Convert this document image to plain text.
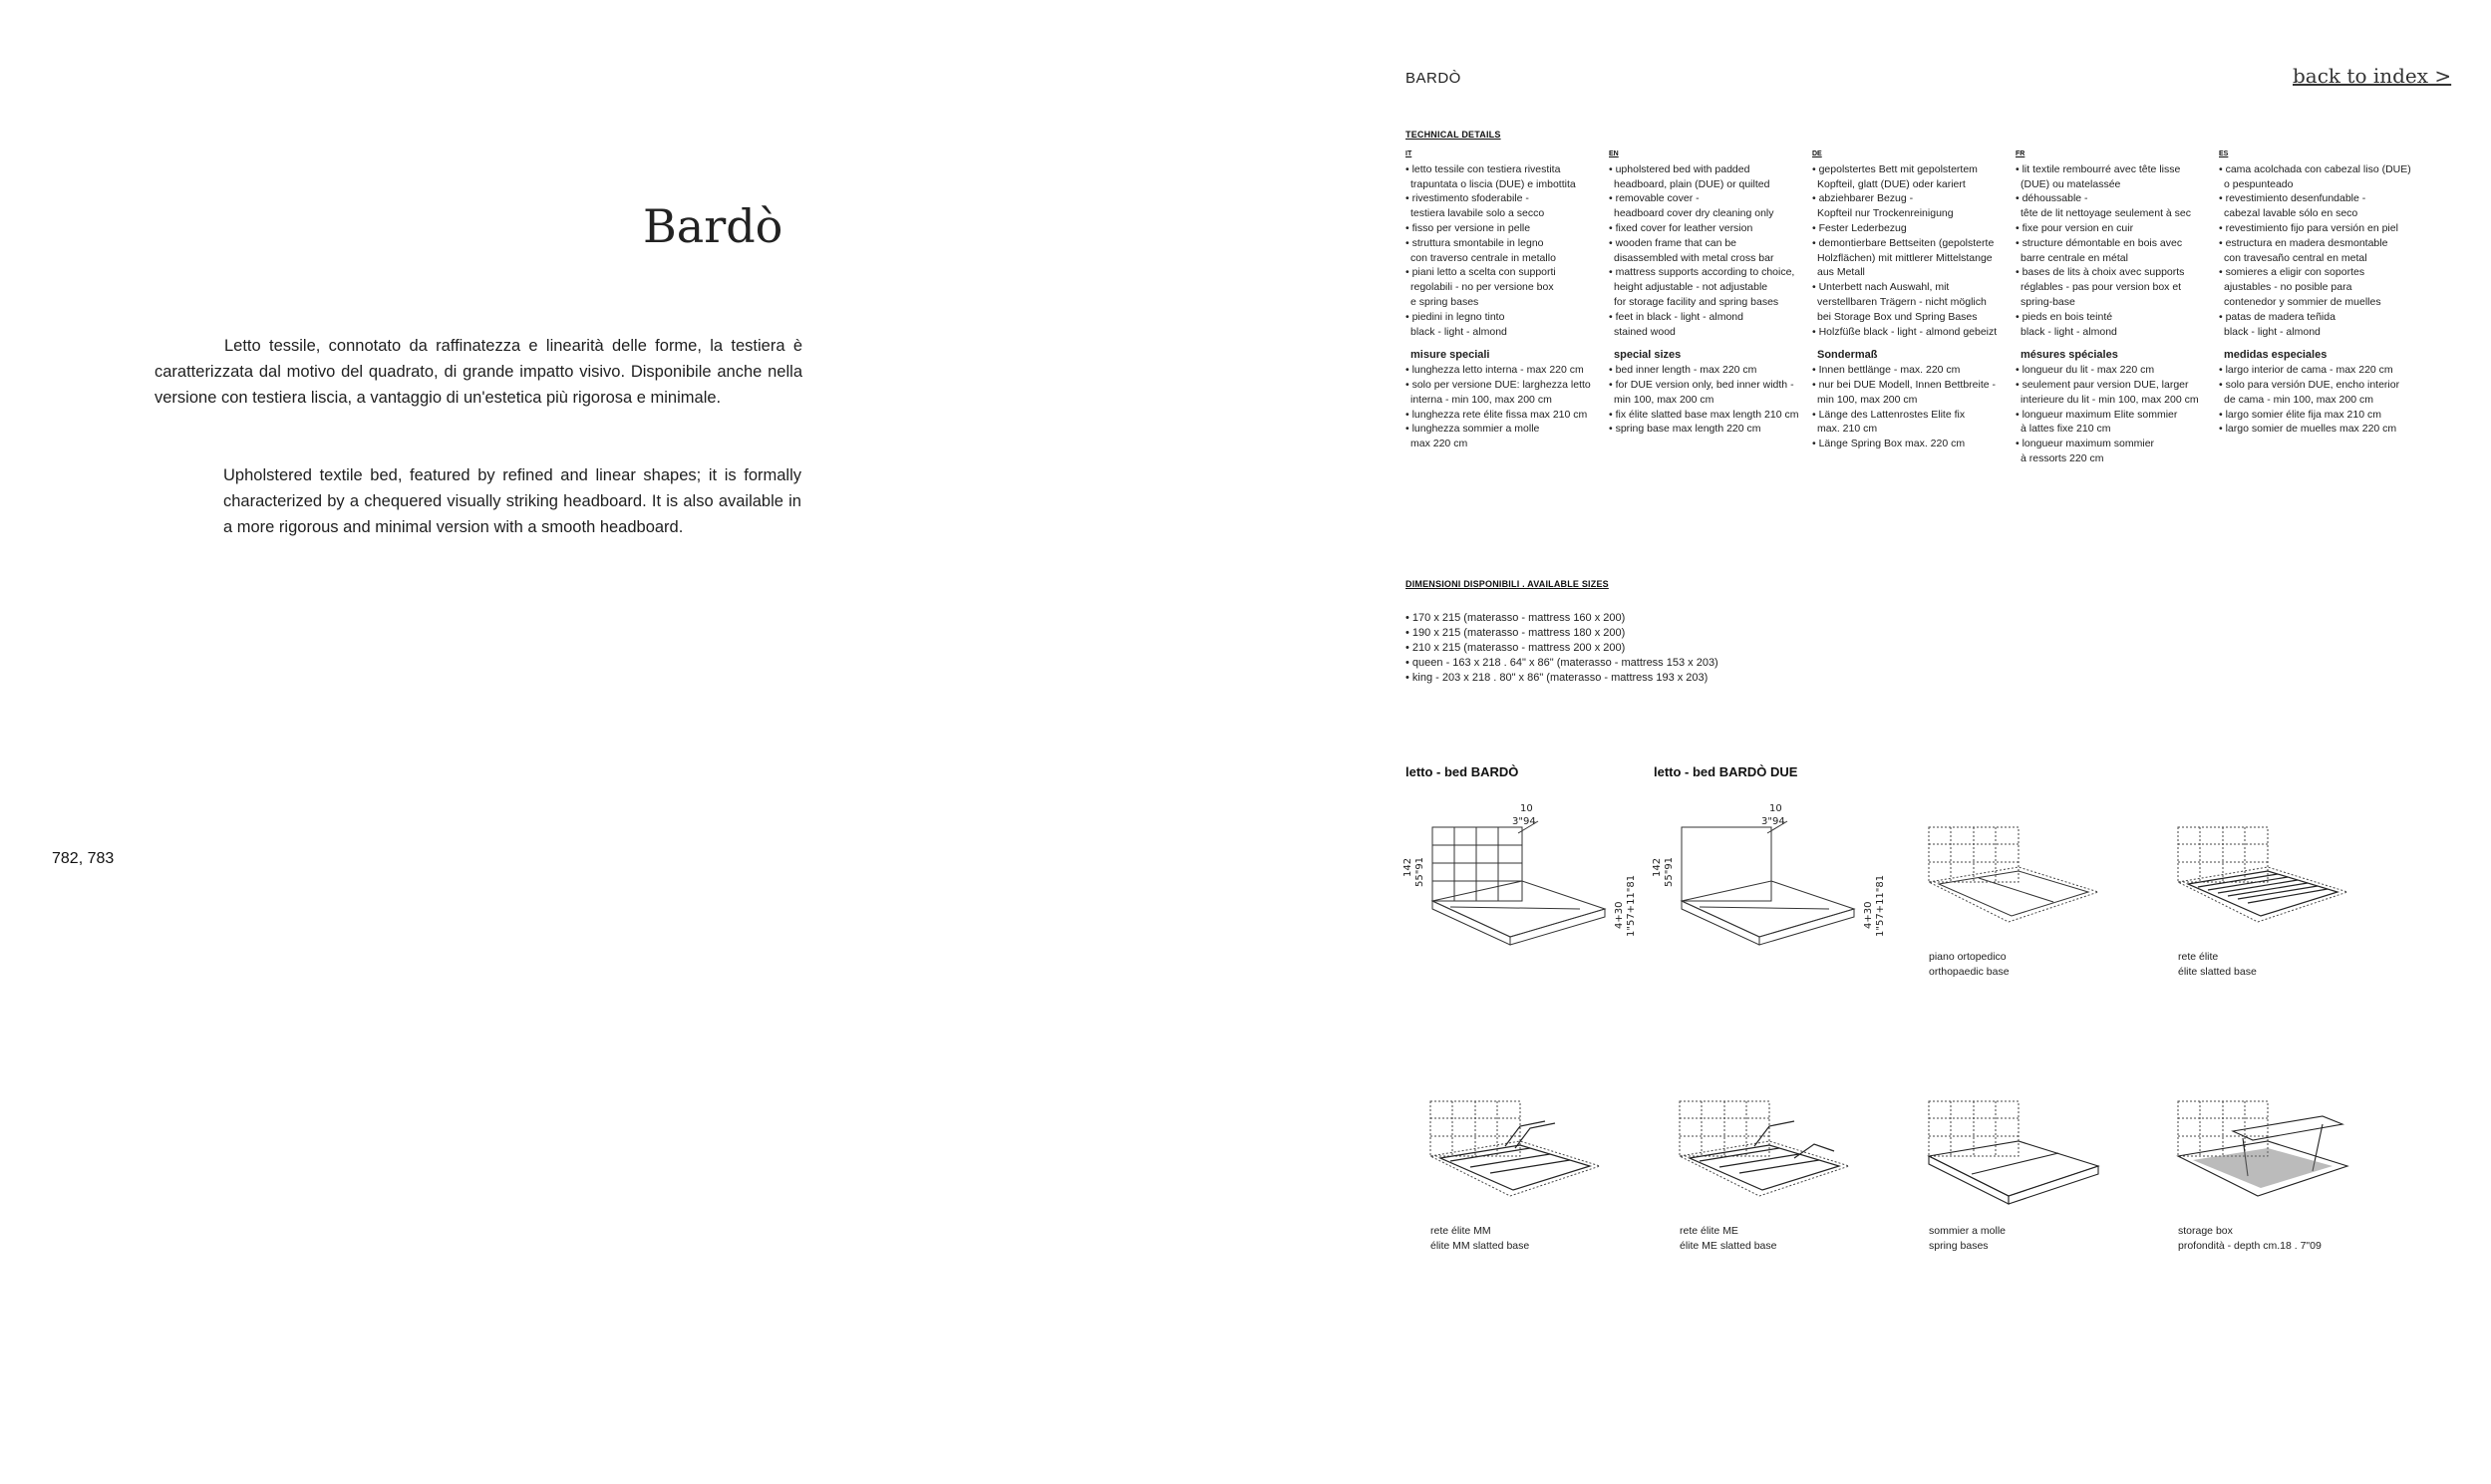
Bardò
Letto tessile, connotato da raffinatezza e linearità delle forme, la testiera è caratterizzata dal motivo del quadrato, di grande impatto visivo. Disponibile anche nella versione con testiera liscia, a vantaggio di un'estetica più rigorosa e minimale.
Upholstered textile bed, featured by refined and linear shapes; it is formally characterized by a chequered visually striking headboard. It is also available in a more rigorous and minimal version with a smooth headboard.
782, 783
BARDÒ	back to index >
TECHNICAL DETAILS
IT
• letto tessile con testiera rivestita
trapuntata o liscia (DUE) e imbottita
• rivestimento sfoderabile -
testiera lavabile solo a secco
• fisso per versione in pelle
• struttura smontabile in legno
con traverso centrale in metallo
• piani letto a scelta con supporti
regolabili - no per versione box
e spring bases
• piedini in legno tinto
black - light - almond
misure speciali
• lunghezza letto interna - max 220 cm
• solo per versione DUE: larghezza letto
interna - min 100, max 200 cm
• lunghezza rete élite fissa max 210 cm
• lunghezza sommier a molle
max 220 cm
EN
• upholstered bed with padded
headboard, plain (DUE) or quilted
• removable cover -
headboard cover dry cleaning only
• fixed cover for leather version
• wooden frame that can be
disassembled with metal cross bar
• mattress supports according to choice,
height adjustable - not adjustable
for storage facility and spring bases
• feet in black - light - almond
stained wood
special sizes
• bed inner length - max 220 cm
• for DUE version only, bed inner width -
min 100, max 200 cm
• fix élite slatted base max length 210 cm
• spring base max length 220 cm
DE
• gepolstertes Bett mit gepolstertem
Kopfteil, glatt (DUE) oder kariert
• abziehbarer Bezug -
Kopfteil nur Trockenreinigung
• Fester Lederbezug
• demontierbare Bettseiten (gepolsterte
Holzflächen) mit mittlerer Mittelstange
aus Metall
• Unterbett nach Auswahl, mit
verstellbaren Trägern - nicht möglich
bei Storage Box und Spring Bases
• Holzfüße black - light - almond gebeizt
Sondermaß
• Innen bettlänge - max. 220 cm
• nur bei DUE Modell, Innen Bettbreite -
min 100, max 200 cm
• Länge des Lattenrostes Elite fix
max. 210 cm
• Länge Spring Box max. 220 cm
FR
• lit textile rembourré avec tête lisse
(DUE) ou matelassée
• déhoussable -
tête de lit nettoyage seulement à sec
• fixe pour version en cuir
• structure démontable en bois avec
barre centrale en métal
• bases de lits à choix avec supports
réglables - pas pour version box et
spring-base
• pieds en bois teinté
black - light - almond
mésures spéciales
• longueur du lit - max 220 cm
• seulement paur version DUE, larger
interieure du lit - min 100, max 200 cm
• longueur maximum Elite sommier
à lattes fixe 210 cm
• longueur maximum sommier
à ressorts 220 cm
ES
• cama acolchada con cabezal liso (DUE)
o pespunteado
• revestimiento desenfundable -
cabezal lavable sólo en seco
• revestimiento fijo para versión en piel
• estructura en madera desmontable
con travesaño central en metal
• somieres a eligir con soportes
ajustables - no posible para
contenedor y sommier de muelles
• patas de madera teñida
black - light - almond
medidas especiales
• largo interior de cama - max 220 cm
• solo para versión DUE, encho interior
de cama - min 100, max 200 cm
• largo somier élite fija max 210 cm
• largo somier de muelles max 220 cm
DIMENSIONI DISPONIBILI . AVAILABLE SIZES
• 170 x 215 (materasso - mattress 160 x 200)
• 190 x 215 (materasso - mattress 180 x 200)
• 210 x 215 (materasso - mattress 200 x 200)
• queen - 163 x 218 . 64" x 86" (materasso - mattress 153 x 203)
• king - 203 x 218 . 80" x 86" (materasso - mattress 193 x 203)
letto - bed BARDÒ	letto - bed BARDÒ DUE
10
3"94
142 55"91
4+30 1"57+11"81
10
3"94
142 55"91
4+30 1"57+11"81
piano ortopedico
orthopaedic base
rete élite
élite slatted base
rete élite MM
élite MM slatted base
rete élite ME
élite ME slatted base
sommier a molle
spring bases
storage box
profondità - depth cm.18 . 7"09
